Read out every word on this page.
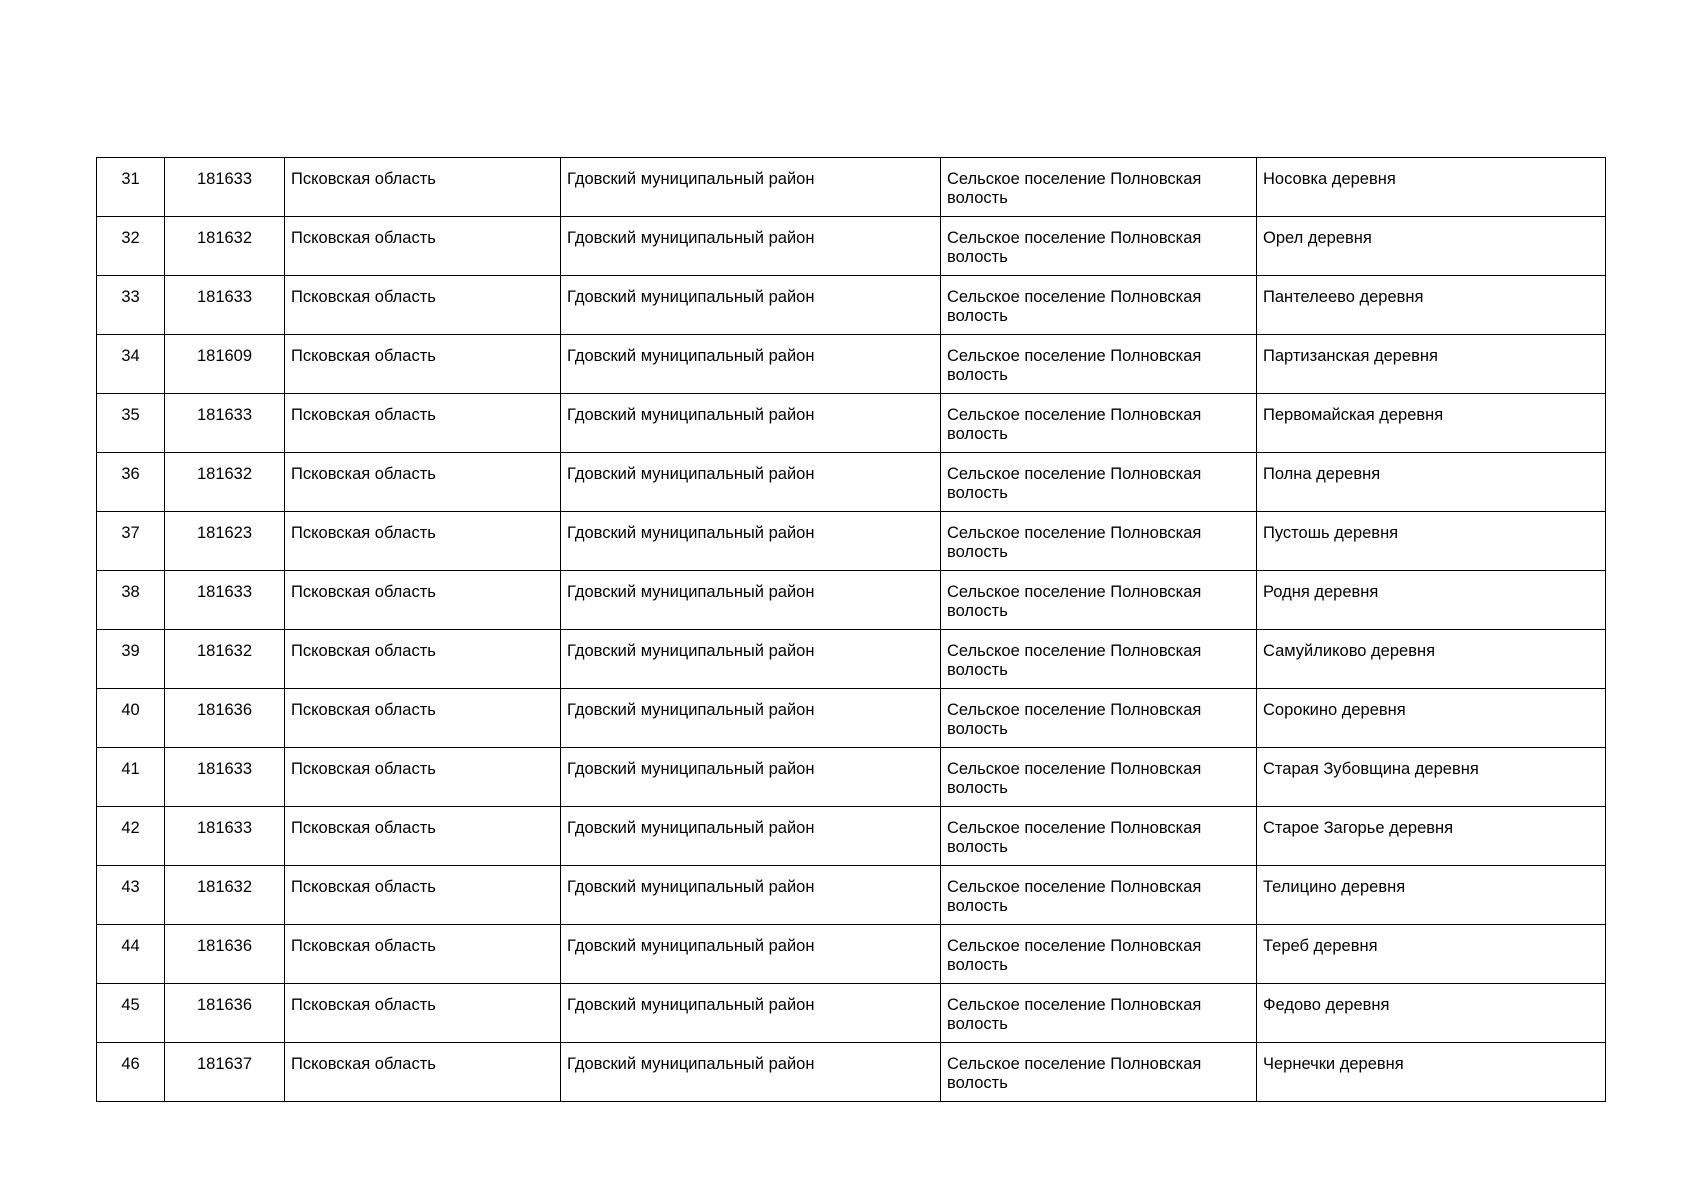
31	181633	Псковская область	Гдовский муниципальный район	Сельское поселение Полновская волость	Носовка деревня
32	181632	Псковская область	Гдовский муниципальный район	Сельское поселение Полновская волость	Орел деревня
33	181633	Псковская область	Гдовский муниципальный район	Сельское поселение Полновская волость	Пантелеево деревня
34	181609	Псковская область	Гдовский муниципальный район	Сельское поселение Полновская волость	Партизанская деревня
35	181633	Псковская область	Гдовский муниципальный район	Сельское поселение Полновская волость	Первомайская деревня
36	181632	Псковская область	Гдовский муниципальный район	Сельское поселение Полновская волость	Полна деревня
37	181623	Псковская область	Гдовский муниципальный район	Сельское поселение Полновская волость	Пустошь деревня
38	181633	Псковская область	Гдовский муниципальный район	Сельское поселение Полновская волость	Родня деревня
39	181632	Псковская область	Гдовский муниципальный район	Сельское поселение Полновская волость	Самуйликово деревня
40	181636	Псковская область	Гдовский муниципальный район	Сельское поселение Полновская волость	Сорокино деревня
41	181633	Псковская область	Гдовский муниципальный район	Сельское поселение Полновская волость	Старая Зубовщина деревня
42	181633	Псковская область	Гдовский муниципальный район	Сельское поселение Полновская волость	Старое Загорье деревня
43	181632	Псковская область	Гдовский муниципальный район	Сельское поселение Полновская волость	Телицино деревня
44	181636	Псковская область	Гдовский муниципальный район	Сельское поселение Полновская волость	Тереб деревня
45	181636	Псковская область	Гдовский муниципальный район	Сельское поселение Полновская волость	Федово деревня
46	181637	Псковская область	Гдовский муниципальный район	Сельское поселение Полновская волость	Чернечки деревня
